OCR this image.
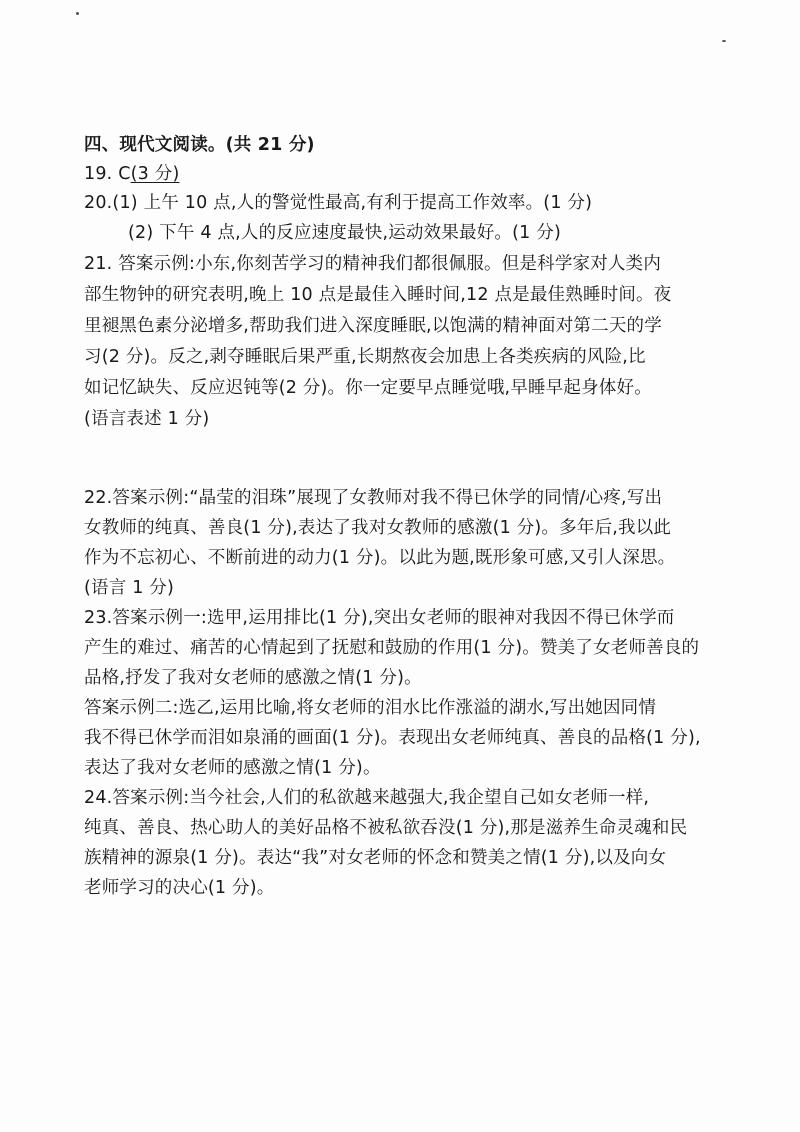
四、现代文阅读。(共 21 分)
19. C(3 分)
20.(1) 上午 10 点,人的警觉性最高,有利于提高工作效率。(1 分)
(2) 下午 4 点,人的反应速度最快,运动效果最好。(1 分)
21. 答案示例:小东,你刻苦学习的精神我们都很佩服。但是科学家对人类内
部生物钟的研究表明,晚上 10 点是最佳入睡时间,12 点是最佳熟睡时间。夜
里褪黑色素分泌增多,帮助我们进入深度睡眠,以饱满的精神面对第二天的学
习(2 分)。反之,剥夺睡眠后果严重,长期熬夜会加患上各类疾病的风险,比
如记忆缺失、反应迟钝等(2 分)。你一定要早点睡觉哦,早睡早起身体好。
(语言表述 1 分)
22.答案示例:“晶莹的泪珠”展现了女教师对我不得已休学的同情/心疼,写出
女教师的纯真、善良(1 分),表达了我对女教师的感激(1 分)。多年后,我以此
作为不忘初心、不断前进的动力(1 分)。以此为题,既形象可感,又引人深思。
(语言 1 分)
23.答案示例一:选甲,运用排比(1 分),突出女老师的眼神对我因不得已休学而
产生的难过、痛苦的心情起到了抚慰和鼓励的作用(1 分)。赞美了女老师善良的
品格,抒发了我对女老师的感激之情(1 分)。
答案示例二:选乙,运用比喻,将女老师的泪水比作涨溢的湖水,写出她因同情
我不得已休学而泪如泉涌的画面(1 分)。表现出女老师纯真、善良的品格(1 分),
表达了我对女老师的感激之情(1 分)。
24.答案示例:当今社会,人们的私欲越来越强大,我企望自己如女老师一样,
纯真、善良、热心助人的美好品格不被私欲吞没(1 分),那是滋养生命灵魂和民
族精神的源泉(1 分)。表达“我”对女老师的怀念和赞美之情(1 分),以及向女
老师学习的决心(1 分)。
